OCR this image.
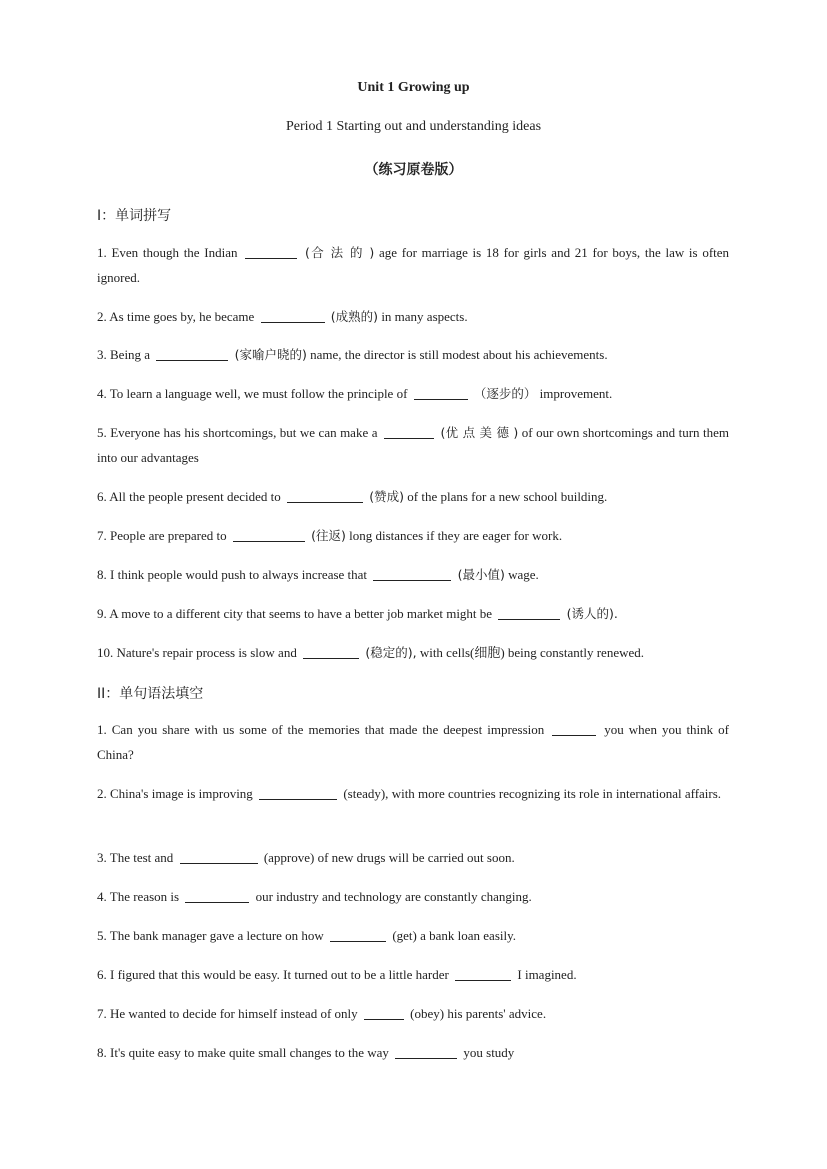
Unit 1 Growing up
Period 1 Starting out and understanding ideas
（练习原卷版）
I：单词拼写
1. Even though the Indian	(合 法 的 ) age for marriage is 18 for girls and 21 for boys, the law is often ignored.
2. As time goes by, he became	(成熟的) in many aspects.
3. Being a	(家喻户晓的) name, the director is still modest about his achievements.
4. To learn a language well, we must follow the principle of	（逐步的） improvement.
5. Everyone has his shortcomings, but we can make a	(优 点 美 德 ) of our own shortcomings and turn them into our advantages
6. All the people present decided to	(赞成) of the plans for a new school building.
7. People are prepared to	(往返) long distances if they are eager for work.
8. I think people would push to always increase that	(最小值) wage.
9. A move to a different city that seems to have a better job market might be	(诱人的).
10. Nature's repair process is slow and	(稳定的), with cells(细胞) being constantly renewed.
II：单句语法填空
1. Can you share with us some of the memories that made the deepest impression	you when you think of China?
2. China's image is improving	(steady), with more countries recognizing its role in international affairs.
3. The test and	(approve) of new drugs will be carried out soon.
4. The reason is	our industry and technology are constantly changing.
5. The bank manager gave a lecture on how	(get) a bank loan easily.
6. I figured that this would be easy. It turned out to be a little harder	I imagined.
7. He wanted to decide for himself instead of only	(obey) his parents' advice.
8. It's quite easy to make quite small changes to the way	you study
